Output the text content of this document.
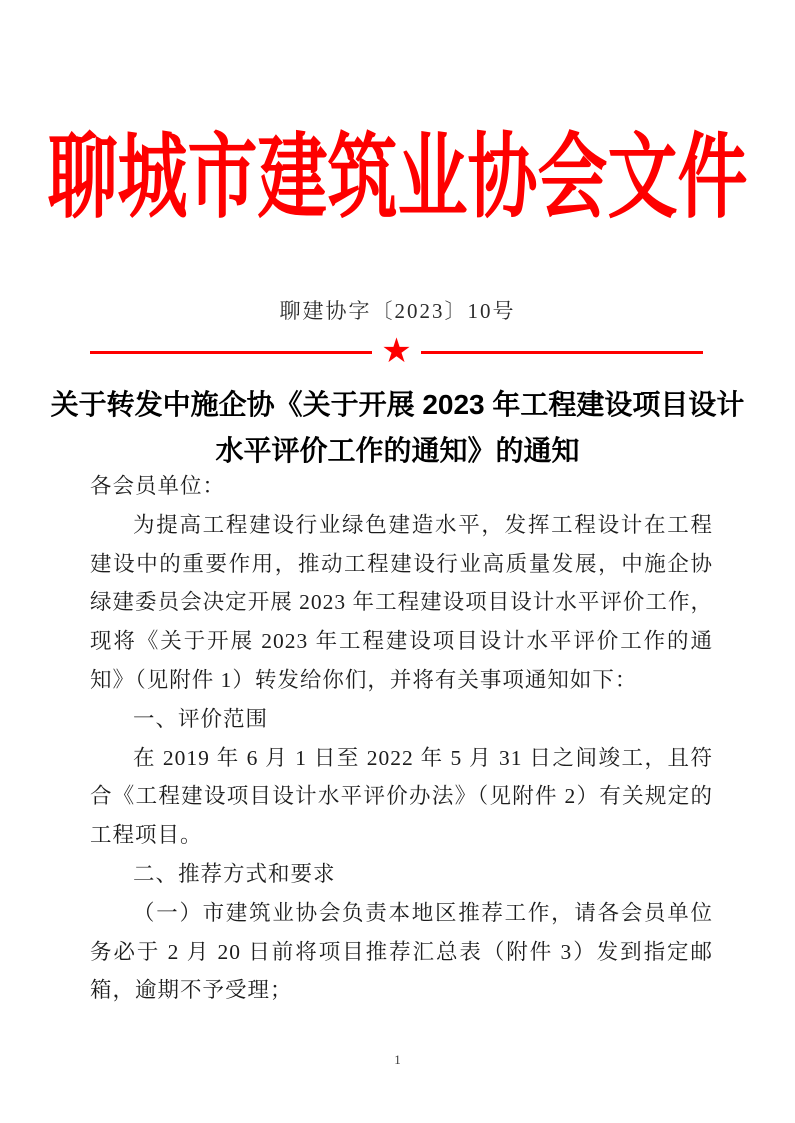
聊城市建筑业协会文件
聊建协字〔2023〕10号
★
关于转发中施企协《关于开展 2023 年工程建设项目设计
水平评价工作的通知》的通知

各会员单位：

为提高工程建设行业绿色建造水平，发挥工程设计在工程建设中的重要作用，推动工程建设行业高质量发展，中施企协绿建委员会决定开展 2023 年工程建设项目设计水平评价工作，现将《关于开展 2023 年工程建设项目设计水平评价工作的通知》（见附件 1）转发给你们，并将有关事项通知如下：

一、评价范围

在 2019 年 6 月 1 日至 2022 年 5 月 31 日之间竣工，且符合《工程建设项目设计水平评价办法》（见附件 2）有关规定的工程项目。

二、推荐方式和要求

（一）市建筑业协会负责本地区推荐工作，请各会员单位务必于 2 月 20 日前将项目推荐汇总表（附件 3）发到指定邮箱，逾期不予受理；

1
